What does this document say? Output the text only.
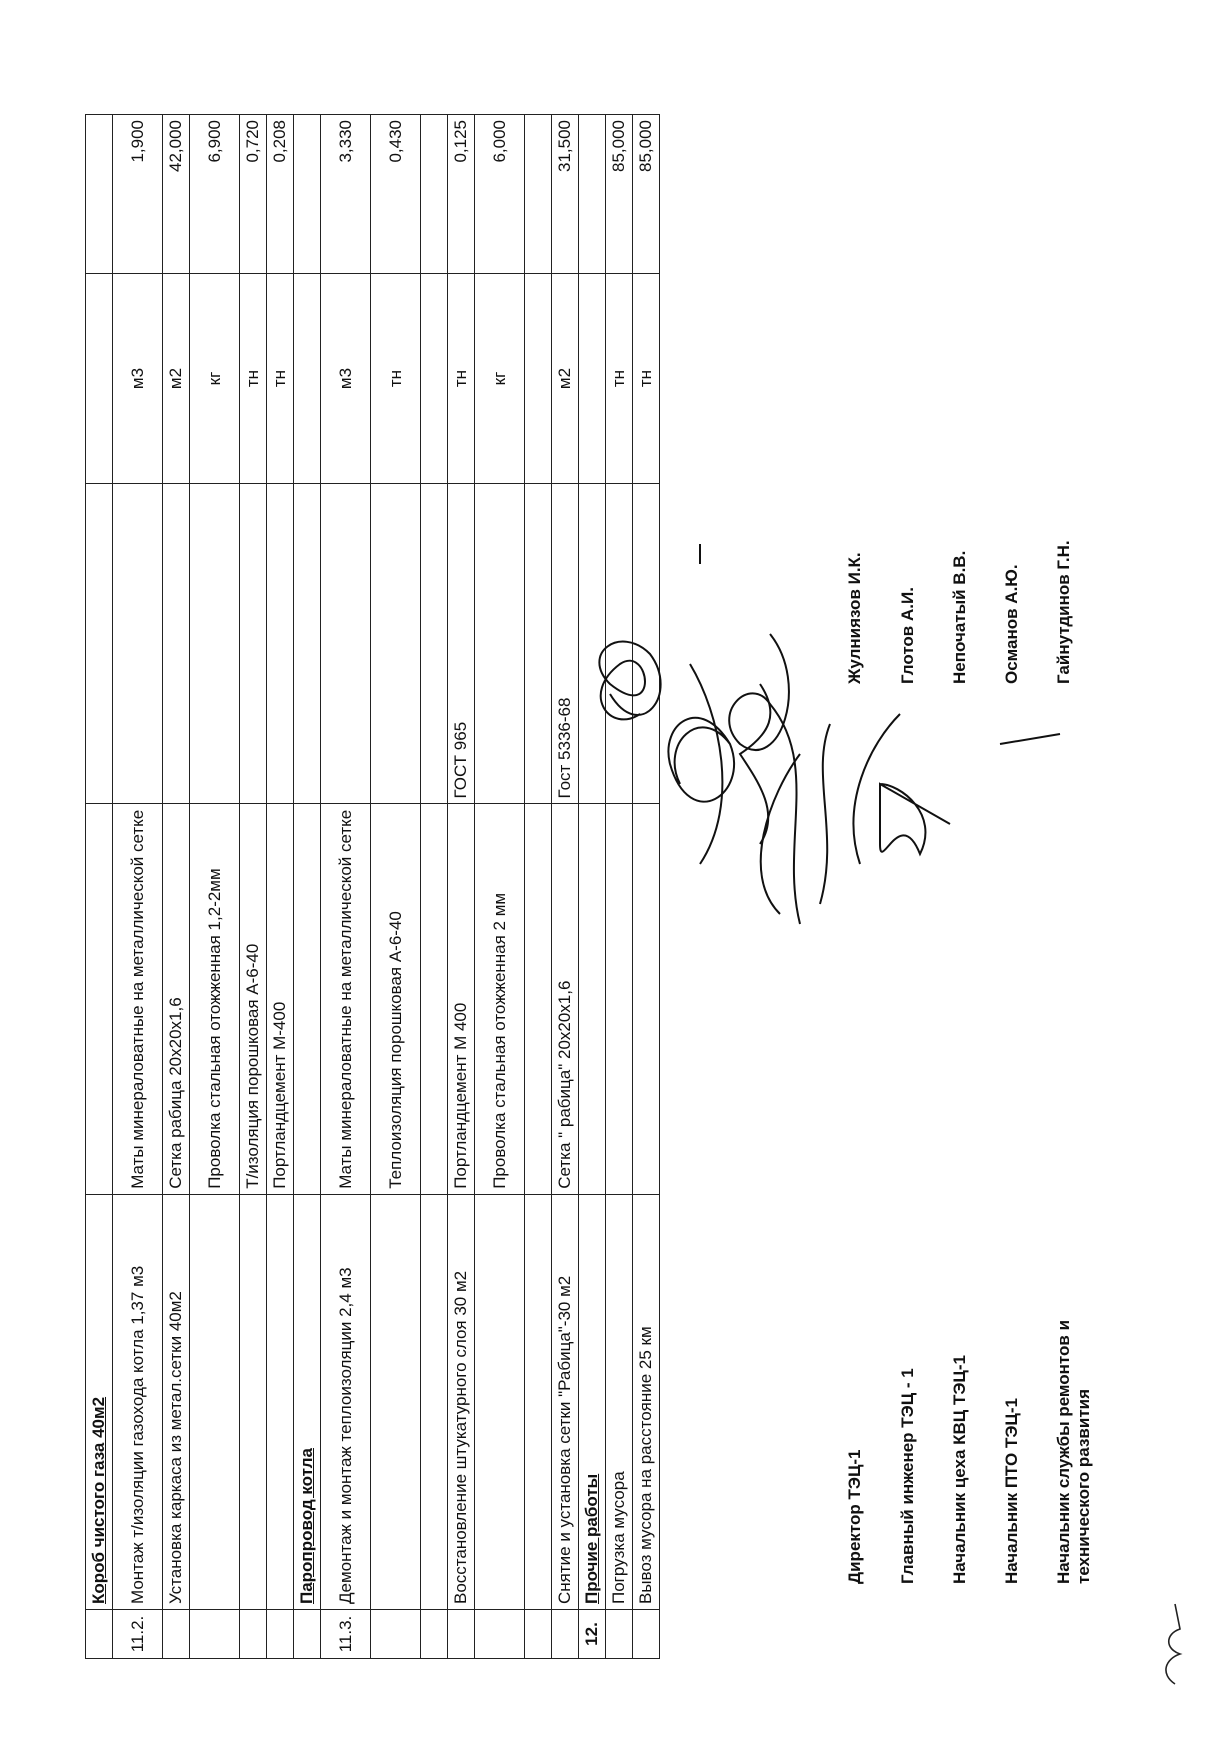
	Короб чистого газа 40м2				
11.2.	Монтаж т/изоляции газохода котла 1,37 м3	Маты минераловатные на металлической сетке		м3	1,900
	Установка каркаса из метал.сетки 40м2	Сетка рабица 20х20х1,6		м2	42,000
		Проволка стальная отожженная 1,2-2мм		кг	6,900
		Т/изоляция порошковая А-6-40		тн	0,720
		Портландцемент М-400		тн	0,208
	Паропровод котла				
11.3.	Демонтаж и монтаж теплоизоляции 2,4 м3	Маты минераловатные на металлической сетке		м3	3,330
		Теплоизоляция порошковая А-6-40		тн	0,430

	Восстановление штукатурного слоя 30 м2	Портландцемент М 400	ГОСТ 965	тн	0,125
		Проволка стальная отожженная 2 мм		кг	6,000

	Снятие и установка сетки "Рабица"-30 м2	Сетка " рабица" 20х20х1,6	Гост 5336-68	м2	31,500
12.	Прочие работы				
	Погрузка мусора			тн	85,000
	Вывоз мусора на расстояние 25 км			тн	85,000
Директор ТЭЦ-1
Жулниязов И.К.
Главный инженер ТЭЦ - 1
Глотов А.И.
Начальник цеха КВЦ ТЭЦ-1
Непочатый В.В.
Начальник ПТО ТЭЦ-1
Османов А.Ю.
Начальник службы ремонтов и технического развития
Гайнутдинов Г.Н.
